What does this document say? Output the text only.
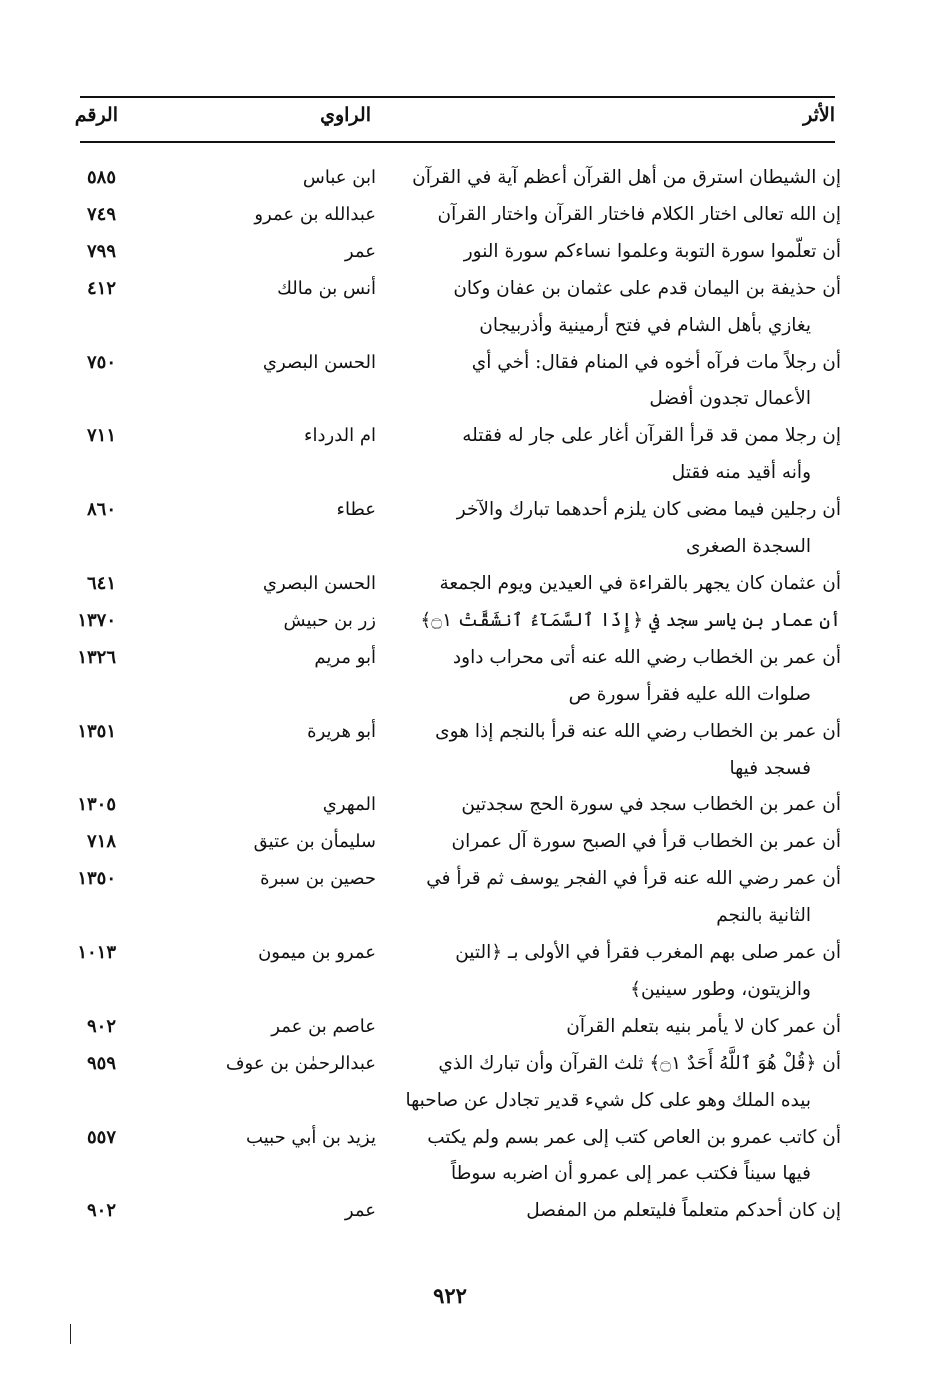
الأثر
الراوي
الرقم
إن الشيطان استرق من أهل القرآن أعظم آية في القرآن
ابن عباس
٥٨٥
إن الله تعالى اختار الكلام فاختار القرآن واختار القرآن
عبدالله بن عمرو
٧٤٩
أن تعلّموا سورة التوبة وعلموا نساءكم سورة النور
عمر
٧٩٩
أن حذيفة بن اليمان قدم على عثمان بن عفان وكان
يغازي بأهل الشام في فتح أرمينية وأذربيجان
أنس بن مالك
٤١٢
أن رجلاً مات فرآه أخوه في المنام فقال: أخي أي
الأعمال تجدون أفضل
الحسن البصري
٧٥٠
إن رجلا ممن قد قرأ القرآن أغار على جار له فقتله
وأنه أقيد منه فقتل
ام الدرداء
٧١١
أن رجلين فيما مضى كان يلزم أحدهما تبارك والآخر
السجدة الصغرى
عطاء
٨٦٠
أن عثمان كان يجهر بالقراءة في العيدين ويوم الجمعة
الحسن البصري
٦٤١
أن عمار بن ياسر سجد في ﴿إِذَا ٱلسَّمَآءُ ٱنشَقَّتْ ۝١﴾
زر بن حبيش
١٣٧٠
أن عمر بن الخطاب رضي الله عنه أتى محراب داود
صلوات الله عليه فقرأ سورة ص
أبو مريم
١٣٢٦
أن عمر بن الخطاب رضي الله عنه قرأ بالنجم إذا هوى
فسجد فيها
أبو هريرة
١٣٥١
أن عمر بن الخطاب سجد في سورة الحج سجدتين
المهري
١٣٠٥
أن عمر بن الخطاب قرأ في الصبح سورة آل عمران
سليمأن بن عتيق
٧١٨
أن عمر رضي الله عنه قرأ في الفجر يوسف ثم قرأ في
الثانية بالنجم
حصين بن سبرة
١٣٥٠
أن عمر صلى بهم المغرب فقرأ في الأولى بـ ﴿التين
والزيتون، وطور سينين﴾
عمرو بن ميمون
١٠١٣
أن عمر كان لا يأمر بنيه بتعلم القرآن
عاصم بن عمر
٩٠٢
أن ﴿قُلْ هُوَ ٱللَّهُ أَحَدٌ ۝١﴾ ثلث القرآن وأن تبارك الذي
بيده الملك وهو على كل شيء قدير تجادل عن صاحبها
عبدالرحمٰن بن عوف
٩٥٩
أن كاتب عمرو بن العاص كتب إلى عمر بسم ولم يكتب
فيها سيناً فكتب عمر إلى عمرو أن اضربه سوطاً
يزيد بن أبي حبيب
٥٥٧
إن كان أحدكم متعلماً فليتعلم من المفصل
عمر
٩٠٢
٩٢٢
